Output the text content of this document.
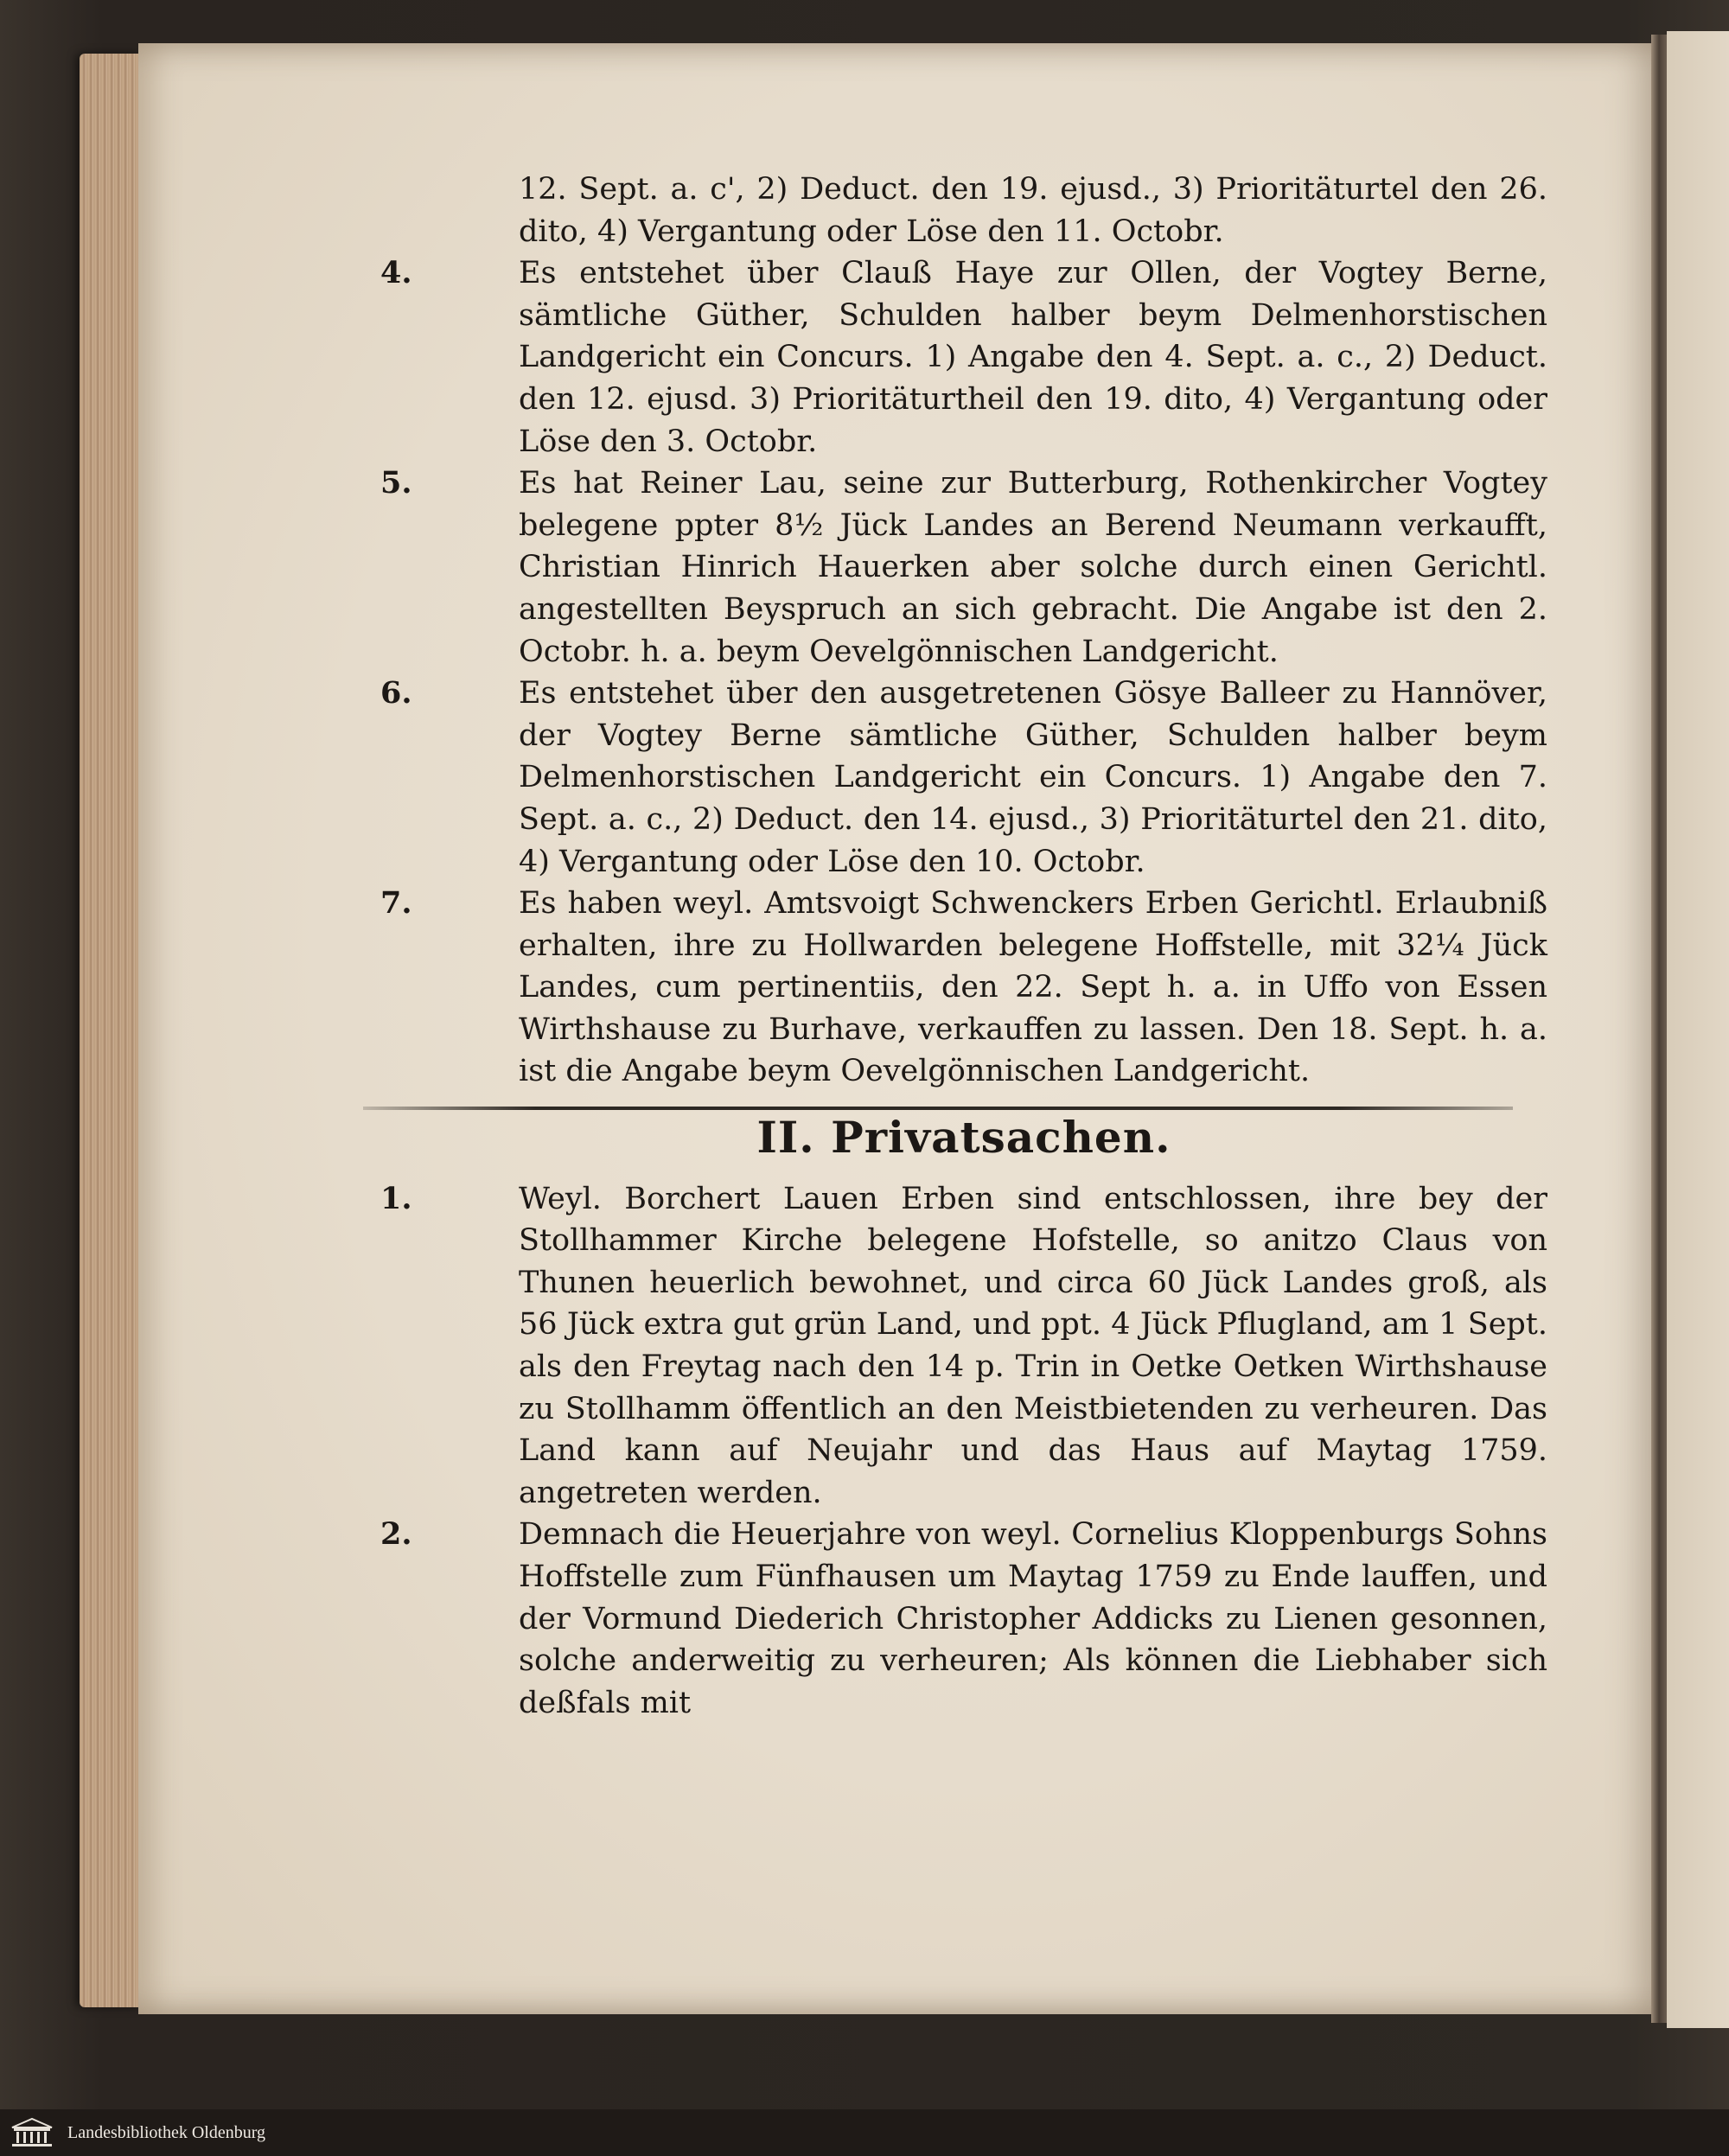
12. Sept. a. c', 2) Deduct. den 19. ejusd., 3) Prioritäturtel den 26. dito, 4) Vergantung oder Löse den 11. Octobr.
4.	Es entstehet über Clauß Haye zur Ollen, der Vogtey Berne, sämtliche Güther, Schulden halber beym Delmenhorstischen Landgericht ein Concurs. 1) Angabe den 4. Sept. a. c., 2) Deduct. den 12. ejusd. 3) Prioritäturtheil den 19. dito, 4) Vergantung oder Löse den 3. Octobr.
5.	Es hat Reiner Lau, seine zur Butterburg, Rothenkircher Vogtey belegene ppter 8½ Jück Landes an Berend Neumann verkaufft, Christian Hinrich Hauerken aber solche durch einen Gerichtl. angestellten Beyspruch an sich gebracht. Die Angabe ist den 2. Octobr. h. a. beym Oevelgönnischen Landgericht.
6.	Es entstehet über den ausgetretenen Gösye Balleer zu Hannöver, der Vogtey Berne sämtliche Güther, Schulden halber beym Delmenhorstischen Landgericht ein Concurs. 1) Angabe den 7. Sept. a. c., 2) Deduct. den 14. ejusd., 3) Prioritäturtel den 21. dito, 4) Vergantung oder Löse den 10. Octobr.
7.	Es haben weyl. Amtsvoigt Schwenckers Erben Gerichtl. Erlaubniß erhalten, ihre zu Hollwarden belegene Hoffstelle, mit 32¼ Jück Landes, cum pertinentiis, den 22. Sept h. a. in Uffo von Essen Wirthshause zu Burhave, verkauffen zu lassen. Den 18. Sept. h. a. ist die Angabe beym Oevelgönnischen Landgericht.
II. Privatsachen.
1.	Weyl. Borchert Lauen Erben sind entschlossen, ihre bey der Stollhammer Kirche belegene Hofstelle, so anitzo Claus von Thunen heuerlich bewohnet, und circa 60 Jück Landes groß, als 56 Jück extra gut grün Land, und ppt. 4 Jück Pflugland, am 1 Sept. als den Freytag nach den 14 p. Trin in Oetke Oetken Wirthshause zu Stollhamm öffentlich an den Meistbietenden zu verheuren. Das Land kann auf Neujahr und das Haus auf Maytag 1759. angetreten werden.
2.	Demnach die Heuerjahre von weyl. Cornelius Kloppenburgs Sohns Hoffstelle zum Fünfhausen um Maytag 1759 zu Ende lauffen, und der Vormund Diederich Christopher Addicks zu Lienen gesonnen, solche anderweitig zu verheuren; Als können die Liebhaber sich deßfals mit
Landesbibliothek Oldenburg
